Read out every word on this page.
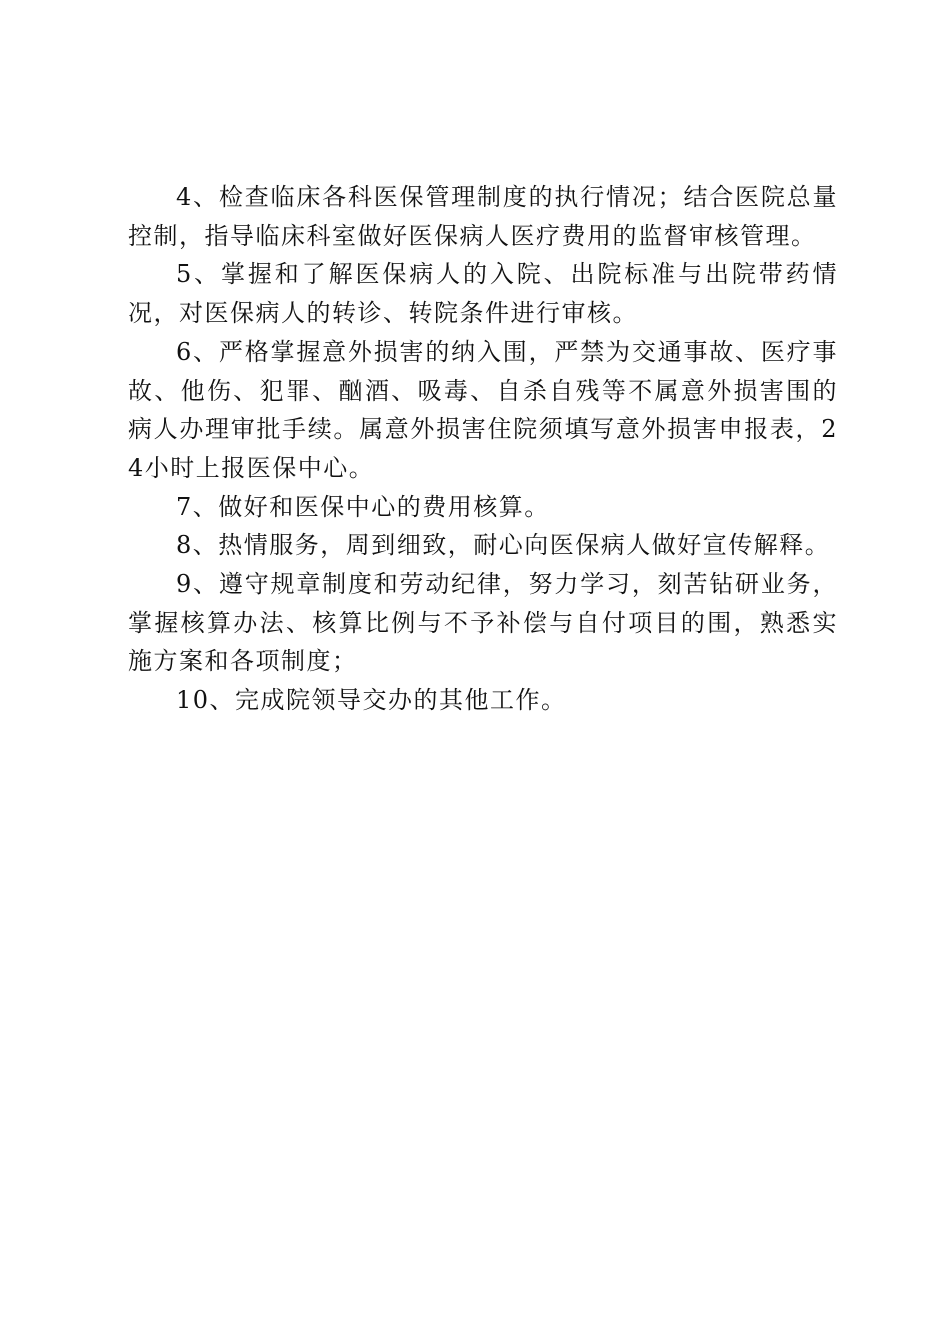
4、检查临床各科医保管理制度的执行情况；结合医院总量控制，指导临床科室做好医保病人医疗费用的监督审核管理。

5、掌握和了解医保病人的入院、出院标准与出院带药情况，对医保病人的转诊、转院条件进行审核。

6、严格掌握意外损害的纳入围，严禁为交通事故、医疗事故、他伤、犯罪、酗酒、吸毒、自杀自残等不属意外损害围的病人办理审批手续。属意外损害住院须填写意外损害申报表，24小时上报医保中心。

7、做好和医保中心的费用核算。

8、热情服务，周到细致，耐心向医保病人做好宣传解释。

9、遵守规章制度和劳动纪律，努力学习，刻苦钻研业务，掌握核算办法、核算比例与不予补偿与自付项目的围，熟悉实施方案和各项制度；

10、完成院领导交办的其他工作。
